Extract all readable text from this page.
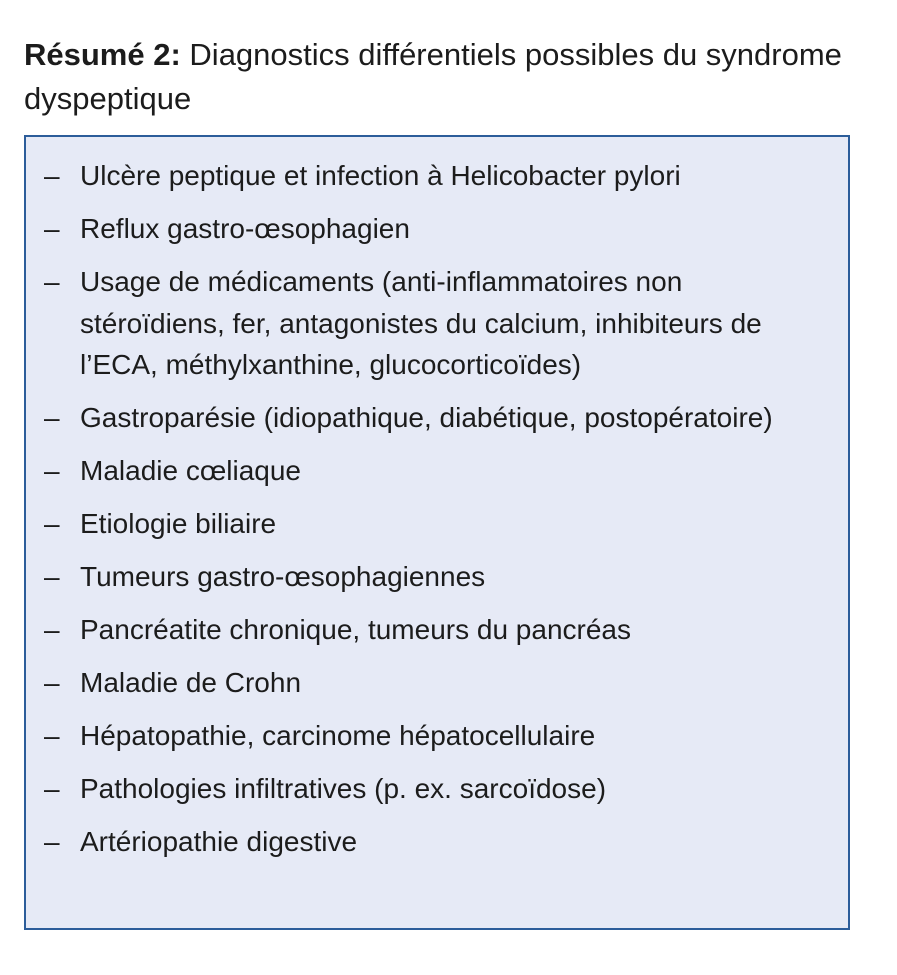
Résumé 2: Diagnostics différentiels possibles du syndrome dyspeptique
– Ulcère peptique et infection à Helicobacter pylori
– Reflux gastro-œsophagien
– Usage de médicaments (anti-inflammatoires non stéroïdiens, fer, antagonistes du calcium, inhibiteurs de l’ECA, méthylxanthine, glucocorticoïdes)
– Gastroparésie (idiopathique, diabétique, postopératoire)
– Maladie cœliaque
– Etiologie biliaire
– Tumeurs gastro-œsophagiennes
– Pancréatite chronique, tumeurs du pancréas
– Maladie de Crohn
– Hépatopathie, carcinome hépatocellulaire
– Pathologies infiltratives (p. ex. sarcoïdose)
– Artériopathie digestive
